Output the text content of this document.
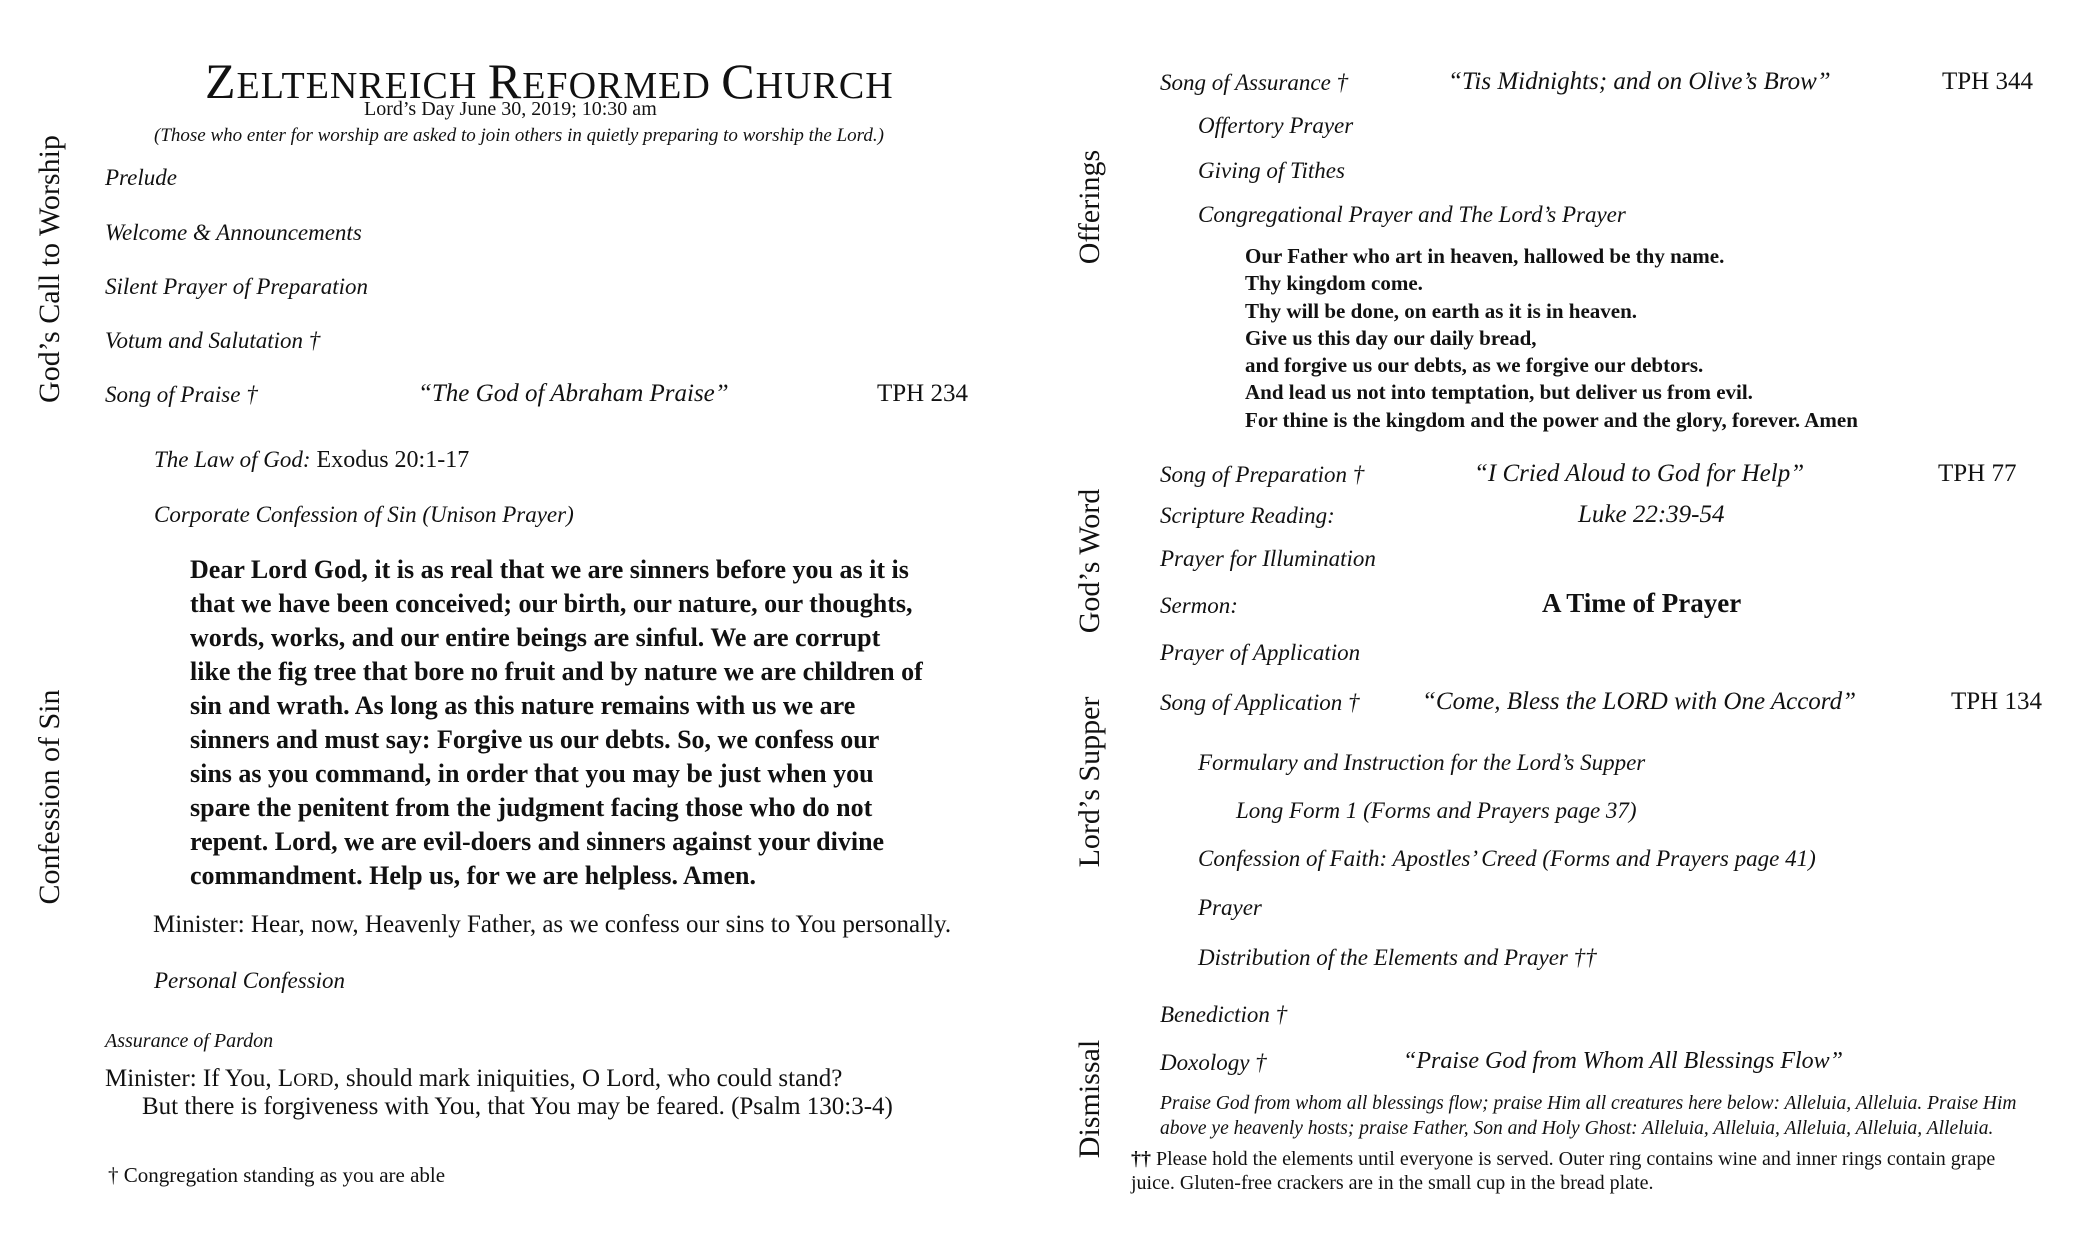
ZELTENREICH REFORMED CHURCH
Lord’s Day June 30, 2019; 10:30 am
(Those who enter for worship are asked to join others in quietly preparing to worship the Lord.)
God’s Call to Worship
Confession of Sin
Prelude
Welcome & Announcements
Silent Prayer of Preparation
Votum and Salutation †
Song of Praise †	“The God of Abraham Praise”	TPH 234
The Law of God: Exodus 20:1-17
Corporate Confession of Sin (Unison Prayer)
Dear Lord God, it is as real that we are sinners before you as it is
that we have been conceived; our birth, our nature, our thoughts,
words, works, and our entire beings are sinful. We are corrupt
like the fig tree that bore no fruit and by nature we are children of
sin and wrath. As long as this nature remains with us we are
sinners and must say: Forgive us our debts. So, we confess our
sins as you command, in order that you may be just when you
spare the penitent from the judgment facing those who do not
repent. Lord, we are evil-doers and sinners against your divine
commandment. Help us, for we are helpless. Amen.
Minister: Hear, now, Heavenly Father, as we confess our sins to You personally.
Personal Confession
Assurance of Pardon
Minister: If You, LORD, should mark iniquities, O Lord, who could stand?
But there is forgiveness with You, that You may be feared. (Psalm 130:3-4)
† Congregation standing as you are able
Offerings
God’s Word
Lord’s Supper
Dismissal
Song of Assurance †	“Tis Midnights; and on Olive’s Brow”	TPH 344
Offertory Prayer
Giving of Tithes
Congregational Prayer and The Lord’s Prayer
Our Father who art in heaven, hallowed be thy name.
Thy kingdom come.
Thy will be done, on earth as it is in heaven.
Give us this day our daily bread,
and forgive us our debts, as we forgive our debtors.
And lead us not into temptation, but deliver us from evil.
For thine is the kingdom and the power and the glory, forever. Amen
Song of Preparation †	“I Cried Aloud to God for Help”	TPH 77
Scripture Reading:	Luke 22:39-54
Prayer for Illumination
Sermon:	A Time of Prayer
Prayer of Application
Song of Application † “Come, Bless the LORD with One Accord”	TPH 134
Formulary and Instruction for the Lord’s Supper
Long Form 1 (Forms and Prayers page 37)
Confession of Faith: Apostles’ Creed (Forms and Prayers page 41)
Prayer
Distribution of the Elements and Prayer ††
Benediction †
Doxology †	“Praise God from Whom All Blessings Flow”
Praise God from whom all blessings flow; praise Him all creatures here below: Alleluia, Alleluia. Praise Him
above ye heavenly hosts; praise Father, Son and Holy Ghost: Alleluia, Alleluia, Alleluia, Alleluia, Alleluia.
†† Please hold the elements until everyone is served. Outer ring contains wine and inner rings contain grape
juice. Gluten-free crackers are in the small cup in the bread plate.
